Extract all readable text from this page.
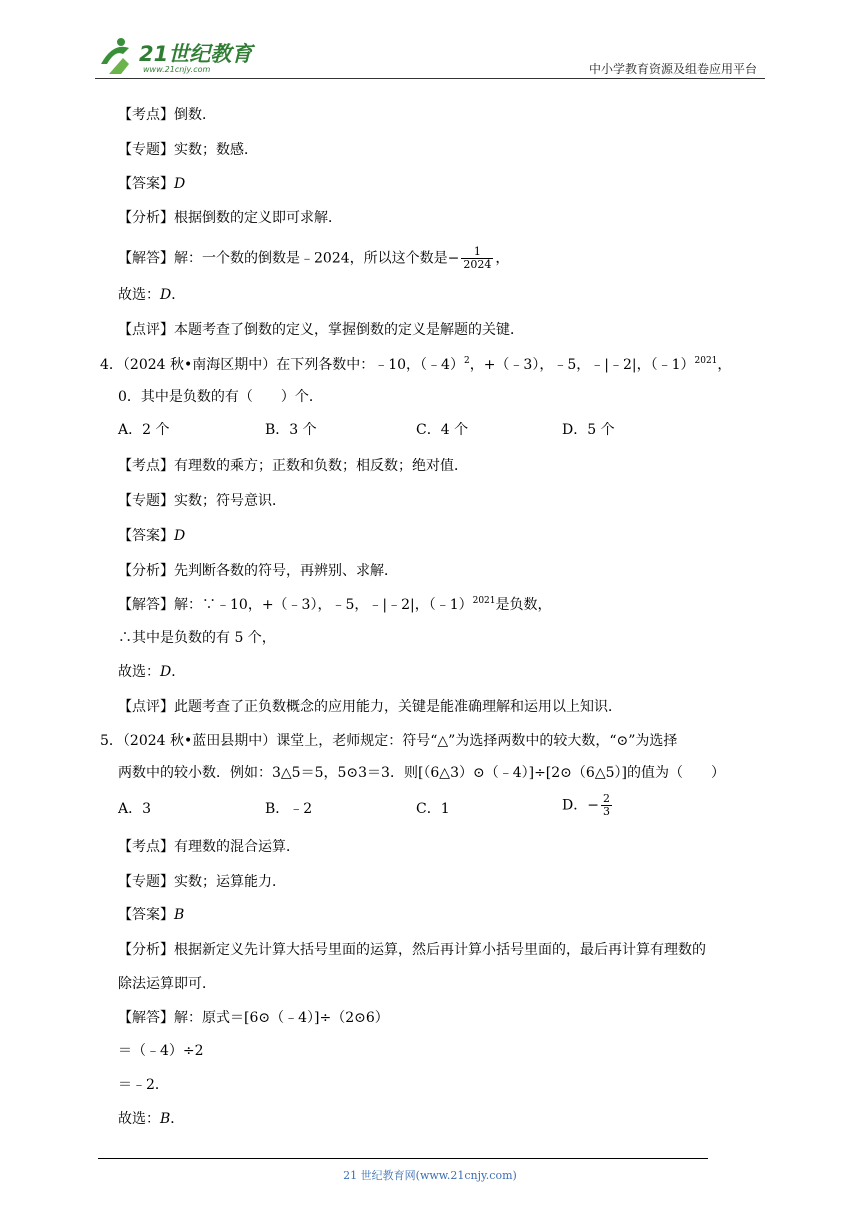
21世纪教育
www.21cnjy.com	中小学教育资源及组卷应用平台
【考点】倒数．
【专题】实数；数感．
【答案】D
【分析】根据倒数的定义即可求解．
【解答】解：一个数的倒数是﹣2024，所以这个数是− $\frac{1}{2024}$ ，
故选：D．
【点评】本题考查了倒数的定义，掌握倒数的定义是解题的关键．
4．（2024 秋•南海区期中）在下列各数中：﹣10，（﹣4）$^2$，+（﹣3），﹣5，﹣|﹣2|，（﹣1）$^{2021}$，
0．其中是负数的有（　　）个．
A．2 个	B．3 个	C．4 个	D．5 个
【考点】有理数的乘方；正数和负数；相反数；绝对值．
【专题】实数；符号意识．
【答案】D
【分析】先判断各数的符号，再辨别、求解．
【解答】解：∵﹣10，+（﹣3），﹣5，﹣|﹣2|，（﹣1）$^{2021}$是负数，
∴其中是负数的有 5 个，
故选：D．
【点评】此题考查了正负数概念的应用能力，关键是能准确理解和运用以上知识．
5．（2024 秋•蓝田县期中）课堂上，老师规定：符号“△”为选择两数中的较大数，“⊙”为选择
两数中的较小数．例如：3△5＝5，5⊙3＝3．则[（6△3）⊙（﹣4）]÷[2⊙（6△5）]的值为（　　）
A．3	B．﹣2	C．1	D．− $\frac{2}{3}$
【考点】有理数的混合运算．
【专题】实数；运算能力．
【答案】B
【分析】根据新定义先计算大括号里面的运算，然后再计算小括号里面的，最后再计算有理数的
除法运算即可．
【解答】解：原式＝[6⊙（﹣4）]÷（2⊙6）
＝（﹣4）÷2
＝﹣2．
故选：B．
21 世纪教育网(www.21cnjy.com)
